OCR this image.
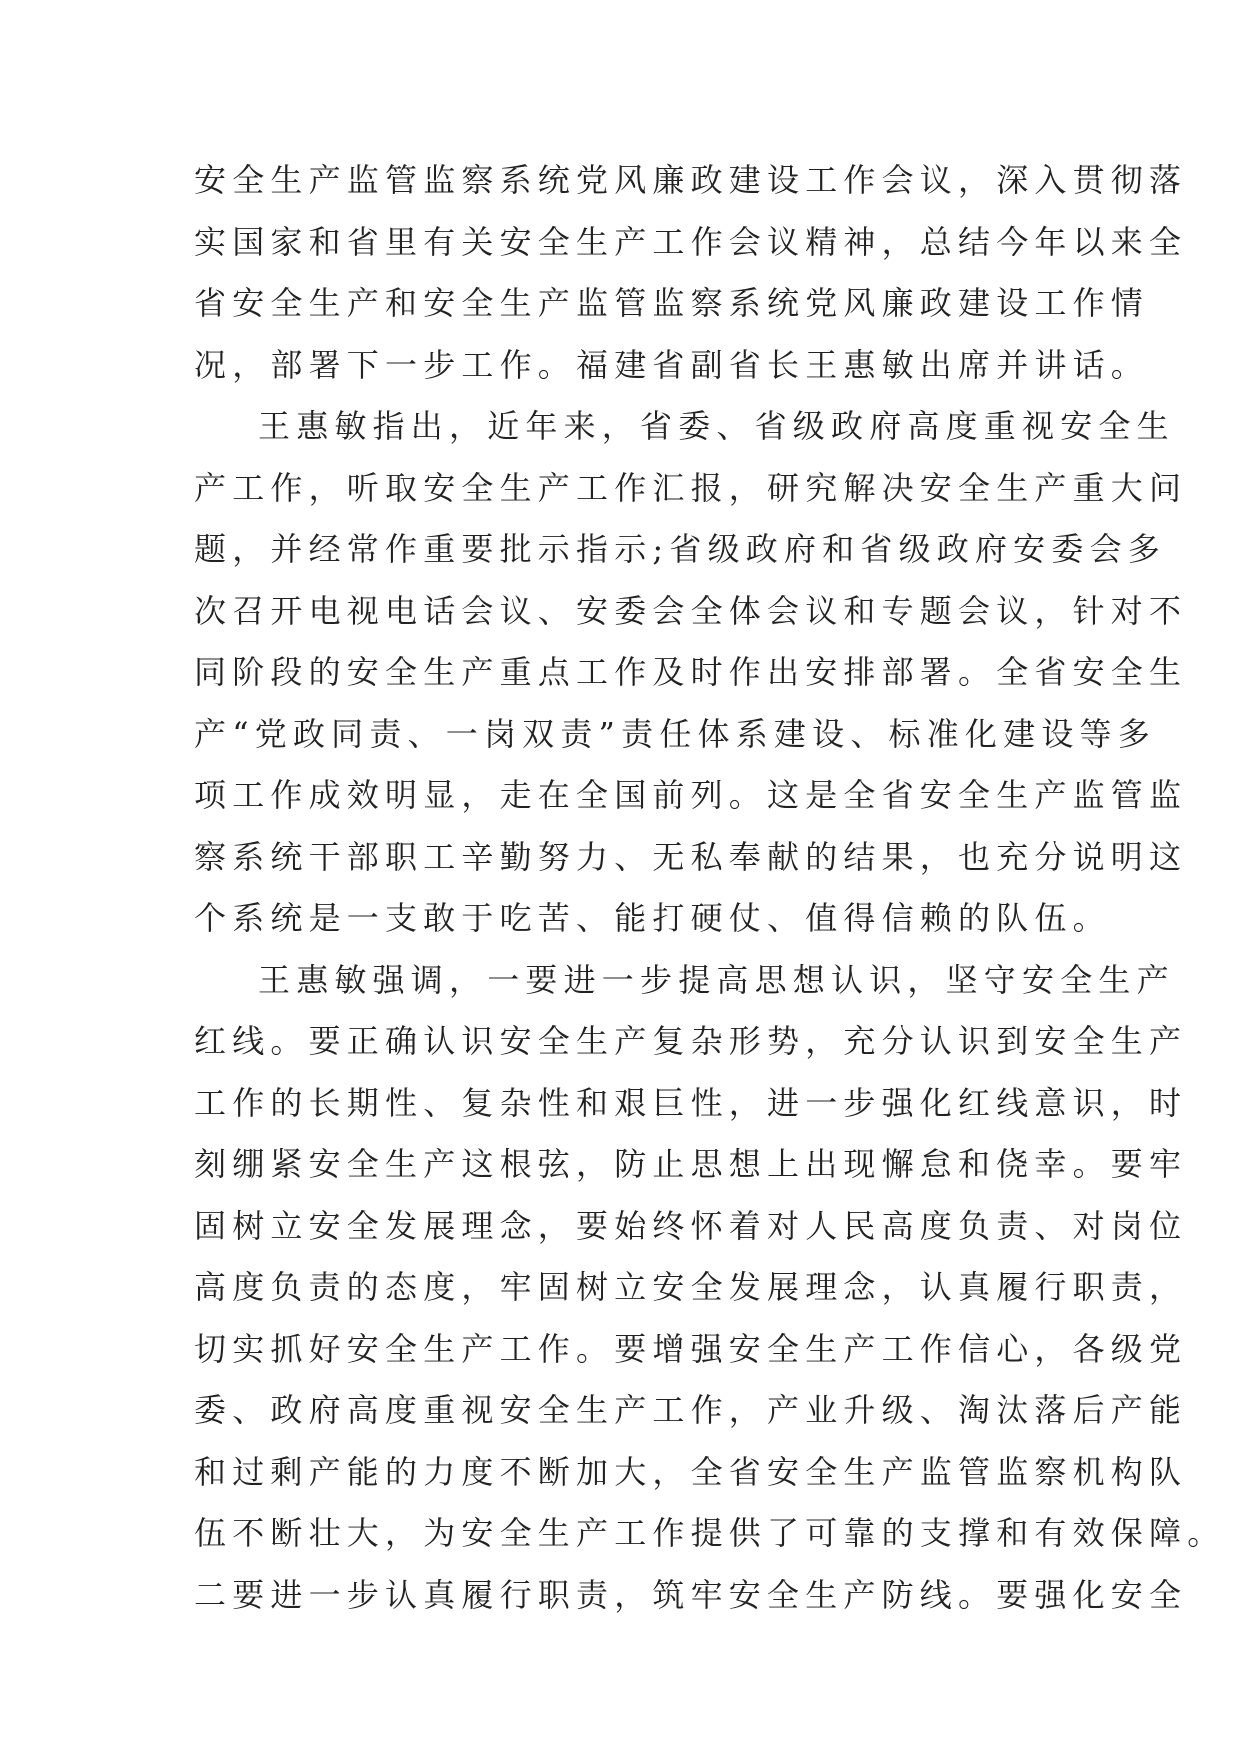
安全生产监管监察系统党风廉政建设工作会议，深入贯彻落
实国家和省里有关安全生产工作会议精神，总结今年以来全
省安全生产和安全生产监管监察系统党风廉政建设工作情
况，部署下一步工作。福建省副省长王惠敏出席并讲话。
王惠敏指出，近年来，省委、省级政府高度重视安全生
产工作，听取安全生产工作汇报，研究解决安全生产重大问
题，并经常作重要批示指示;省级政府和省级政府安委会多
次召开电视电话会议、安委会全体会议和专题会议，针对不
同阶段的安全生产重点工作及时作出安排部署。全省安全生
产“党政同责、一岗双责”责任体系建设、标准化建设等多
项工作成效明显，走在全国前列。这是全省安全生产监管监
察系统干部职工辛勤努力、无私奉献的结果，也充分说明这
个系统是一支敢于吃苦、能打硬仗、值得信赖的队伍。
王惠敏强调，一要进一步提高思想认识，坚守安全生产
红线。要正确认识安全生产复杂形势，充分认识到安全生产
工作的长期性、复杂性和艰巨性，进一步强化红线意识，时
刻绷紧安全生产这根弦，防止思想上出现懈怠和侥幸。要牢
固树立安全发展理念，要始终怀着对人民高度负责、对岗位
高度负责的态度，牢固树立安全发展理念，认真履行职责，
切实抓好安全生产工作。要增强安全生产工作信心，各级党
委、政府高度重视安全生产工作，产业升级、淘汰落后产能
和过剩产能的力度不断加大，全省安全生产监管监察机构队
伍不断壮大，为安全生产工作提供了可靠的支撑和有效保障。
二要进一步认真履行职责，筑牢安全生产防线。要强化安全
